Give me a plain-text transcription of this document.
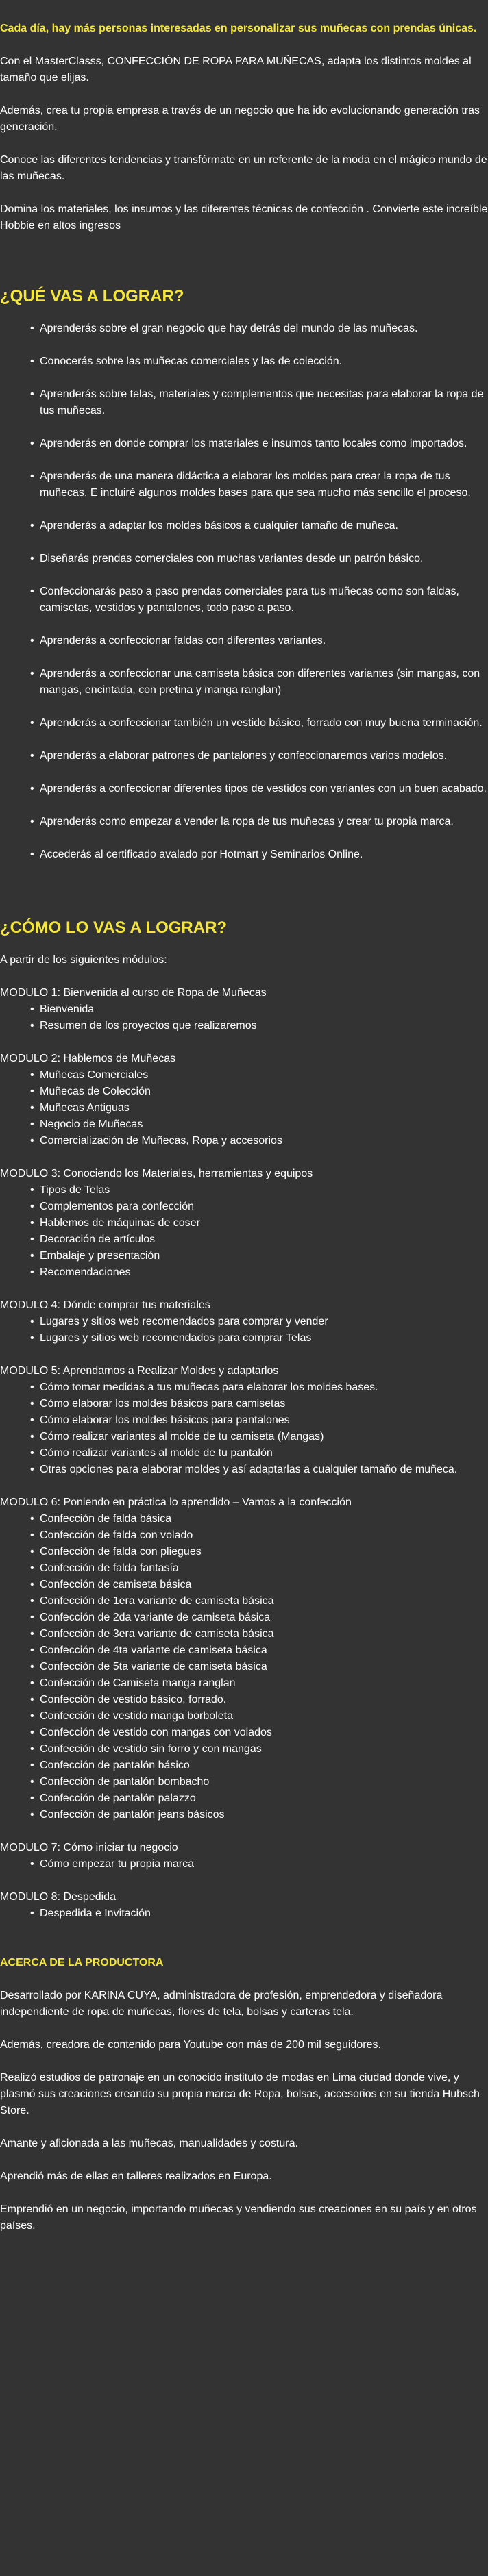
Cada día, hay más personas interesadas en personalizar sus muñecas con prendas únicas.

Con el MasterClasss, CONFECCIÓN DE ROPA PARA MUÑECAS, adapta los distintos moldes al tamaño que elijas.

Además, crea tu propia empresa a través de un negocio que ha ido evolucionando generación tras generación.

Conoce las diferentes tendencias y transfórmate en un referente de la moda en el mágico mundo de las muñecas.

Domina los materiales, los insumos y las diferentes técnicas de confección . Convierte este increíble Hobbie en altos ingresos

¿QUÉ VAS A LOGRAR?
• Aprenderás sobre el gran negocio que hay detrás del mundo de las muñecas.
• Conocerás sobre las muñecas comerciales y las de colección.
• Aprenderás sobre telas, materiales y complementos que necesitas para elaborar la ropa de tus muñecas.
• Aprenderás en donde comprar los materiales e insumos tanto locales como importados.
• Aprenderás de una manera didáctica a elaborar los moldes para crear la ropa de tus muñecas. E incluiré algunos moldes bases para que sea mucho más sencillo el proceso.
• Aprenderás a adaptar los moldes básicos a cualquier tamaño de muñeca.
• Diseñarás prendas comerciales con muchas variantes desde un patrón básico.
• Confeccionarás paso a paso prendas comerciales para tus muñecas como son faldas, camisetas, vestidos y pantalones, todo paso a paso.
• Aprenderás a confeccionar faldas con diferentes variantes.
• Aprenderás a confeccionar una camiseta básica con diferentes variantes (sin mangas, con mangas, encintada, con pretina y manga ranglan)
• Aprenderás a confeccionar también un vestido básico, forrado con muy buena terminación.
• Aprenderás a elaborar patrones de pantalones y confeccionaremos varios modelos.
• Aprenderás a confeccionar diferentes tipos de vestidos con variantes con un buen acabado.
• Aprenderás como empezar a vender la ropa de tus muñecas y crear tu propia marca.
• Accederás al certificado avalado por Hotmart y Seminarios Online.
¿CÓMO LO VAS A LOGRAR?

A partir de los siguientes módulos:

MODULO 1: Bienvenida al curso de Ropa de Muñecas

• Bienvenida
• Resumen de los proyectos que realizaremos

MODULO 2: Hablemos de Muñecas

• Muñecas Comerciales
• Muñecas de Colección
• Muñecas Antiguas
• Negocio de Muñecas
• Comercialización de Muñecas, Ropa y accesorios

MODULO 3: Conociendo los Materiales, herramientas y equipos

• Tipos de Telas
• Complementos para confección
• Hablemos de máquinas de coser
• Decoración de artículos
• Embalaje y presentación
• Recomendaciones

MODULO 4: Dónde comprar tus materiales

• Lugares y sitios web recomendados para comprar y vender
• Lugares y sitios web recomendados para comprar Telas

MODULO 5: Aprendamos a Realizar Moldes y adaptarlos

• Cómo tomar medidas a tus muñecas para elaborar los moldes bases.
• Cómo elaborar los moldes básicos para camisetas
• Cómo elaborar los moldes básicos para pantalones
• Cómo realizar variantes al molde de tu camiseta (Mangas)
• Cómo realizar variantes al molde de tu pantalón
• Otras opciones para elaborar moldes y así adaptarlas a cualquier tamaño de muñeca.

MODULO 6: Poniendo en práctica lo aprendido – Vamos a la confección

• Confección de falda básica
• Confección de falda con volado
• Confección de falda con pliegues
• Confección de falda fantasía
• Confección de camiseta básica
• Confección de 1era variante de camiseta básica
• Confección de 2da variante de camiseta básica
• Confección de 3era variante de camiseta básica
• Confección de 4ta variante de camiseta básica
• Confección de 5ta variante de camiseta básica
• Confección de Camiseta manga ranglan
• Confección de vestido básico, forrado.
• Confección de vestido manga borboleta
• Confección de vestido con mangas con volados
• Confección de vestido sin forro y con mangas
• Confección de pantalón básico
• Confección de pantalón bombacho
• Confección de pantalón palazzo
• Confección de pantalón jeans básicos

MODULO 7: Cómo iniciar tu negocio

• Cómo empezar tu propia marca

MODULO 8: Despedida

• Despedida e Invitación

ACERCA DE LA PRODUCTORA

Desarrollado por KARINA CUYA, administradora de profesión, emprendedora y diseñadora independiente de ropa de muñecas, flores de tela, bolsas y carteras tela.

Además, creadora de contenido para Youtube con más de 200 mil seguidores.

Realizó estudios de patronaje en un conocido instituto de modas en Lima ciudad donde vive, y plasmó sus creaciones creando su propia marca de Ropa, bolsas, accesorios en su tienda Hubsch Store.

Amante y aficionada a las muñecas, manualidades y costura.

Aprendió más de ellas en talleres realizados en Europa.

Emprendió en un negocio, importando muñecas y vendiendo sus creaciones en su país y en otros países.
